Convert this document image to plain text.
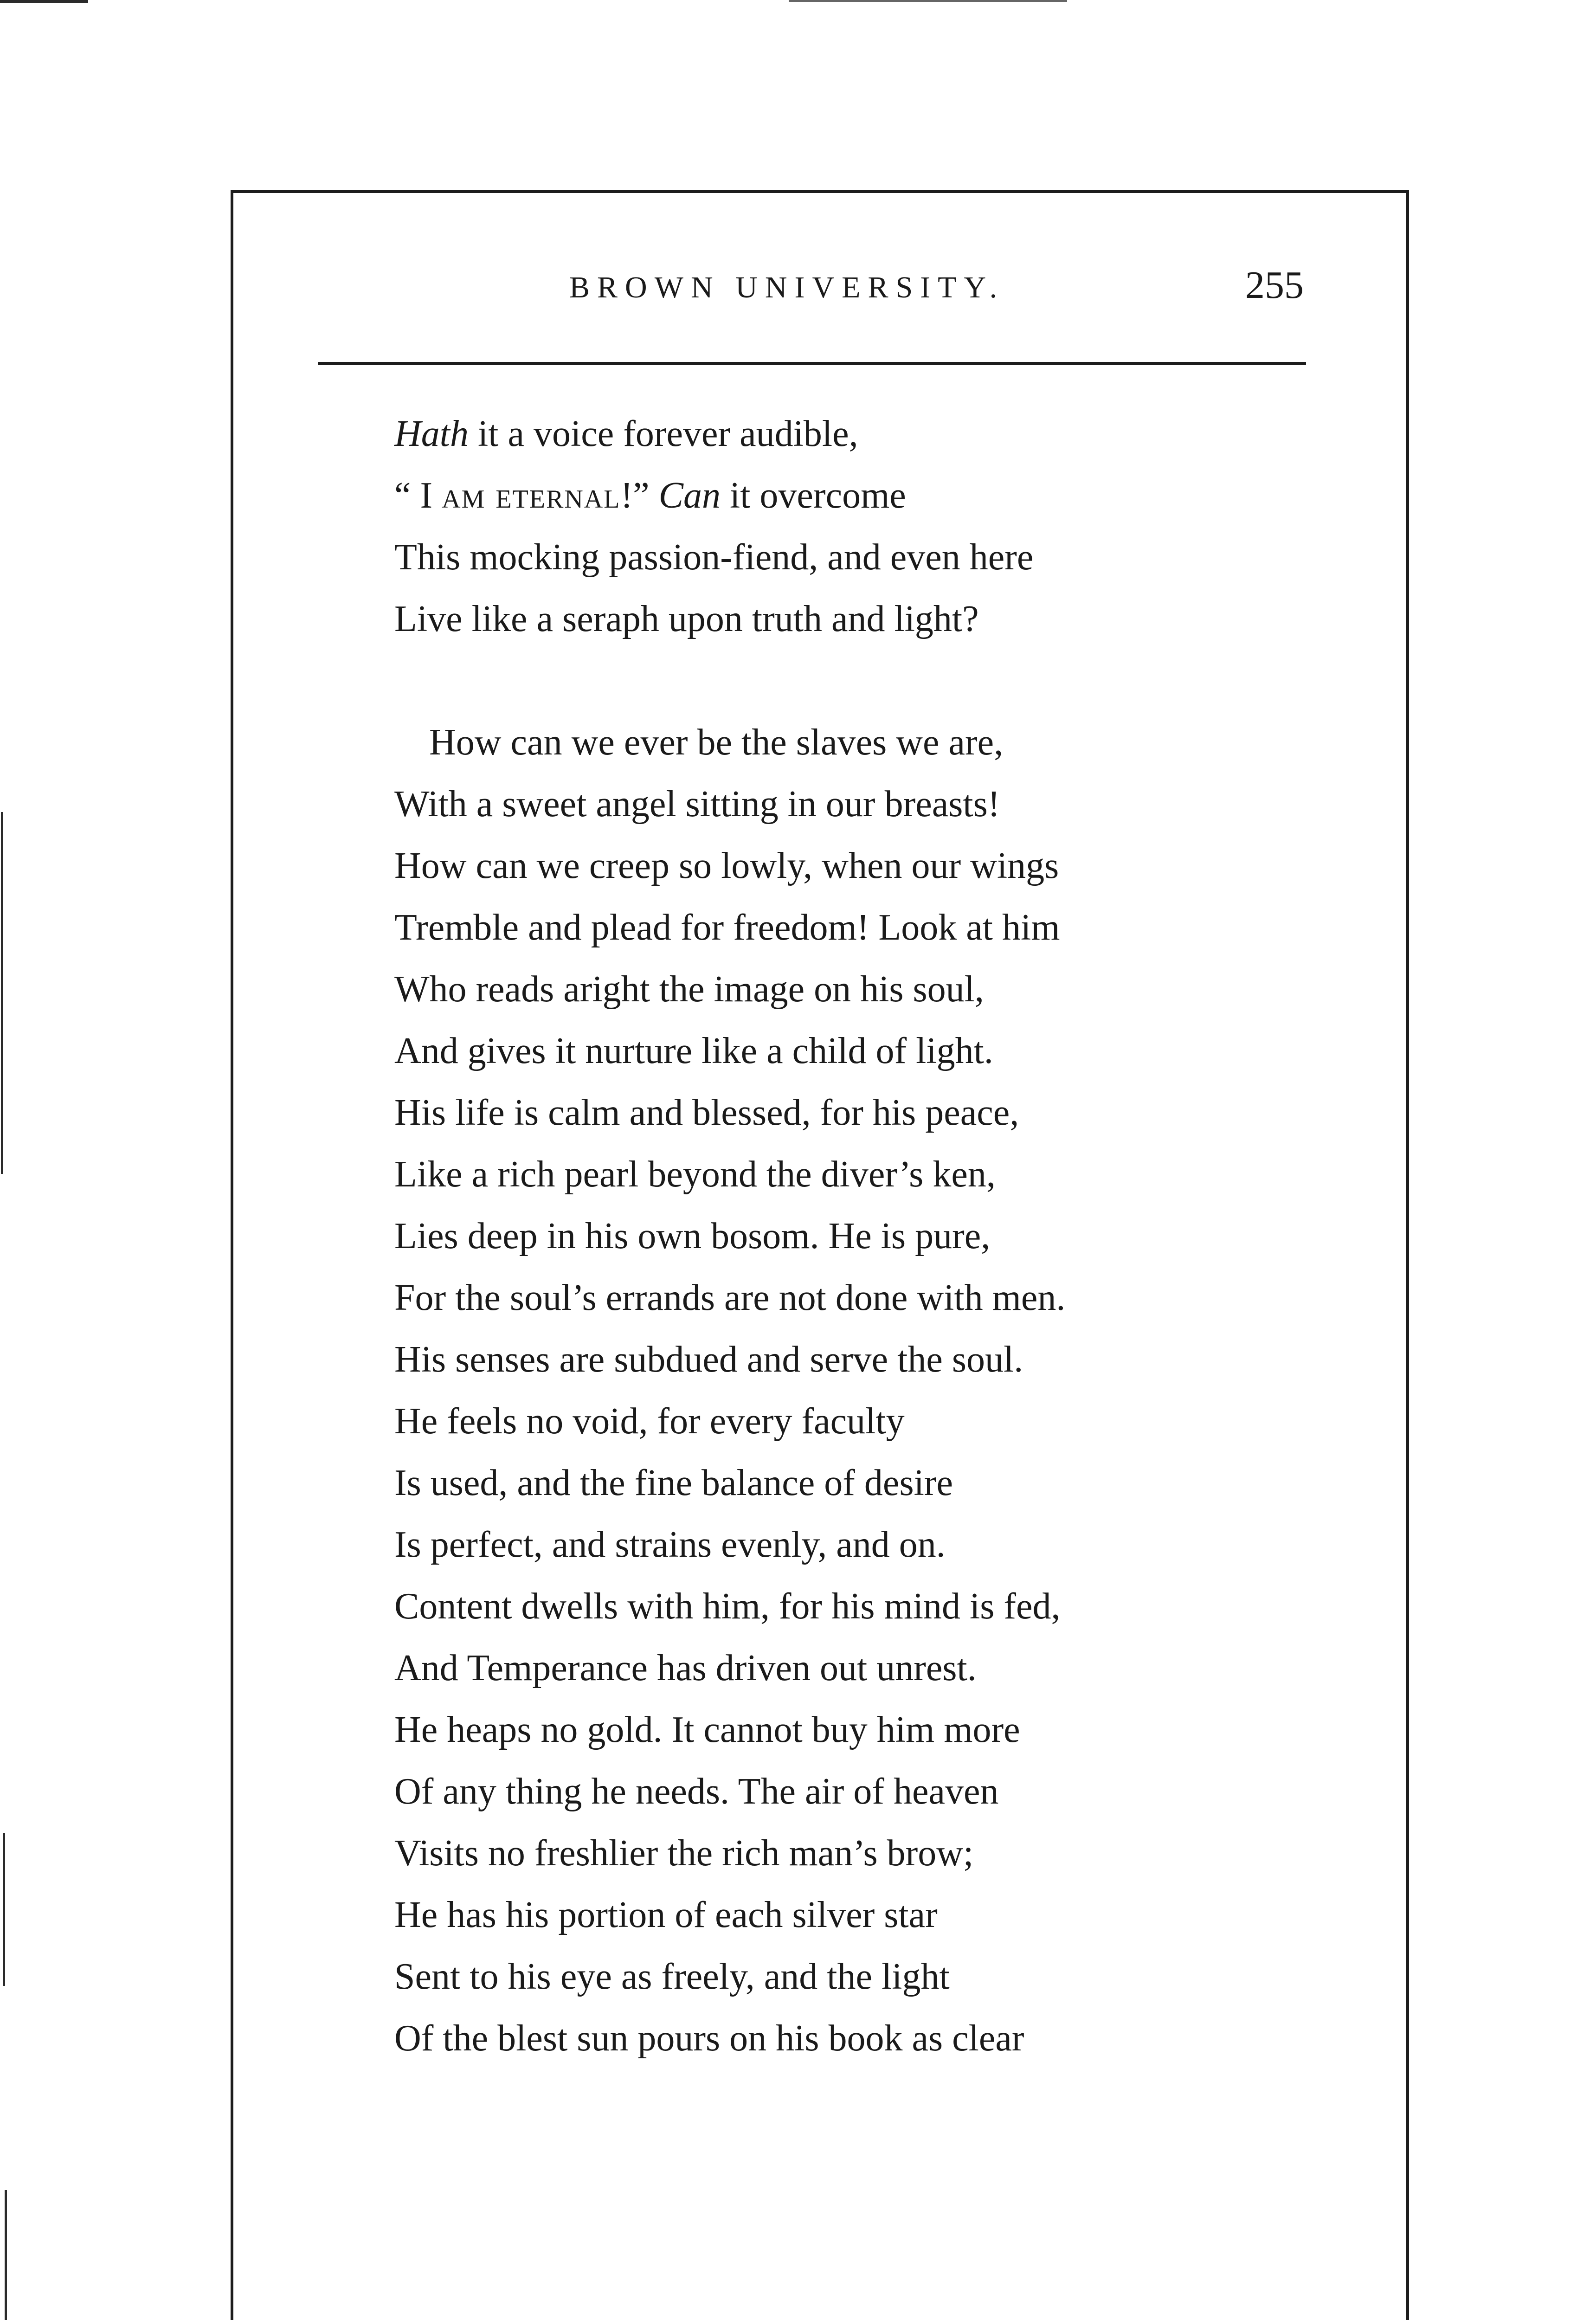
BROWN UNIVERSITY.	255
Hath it a voice forever audible,
“ I am eternal!” Can it overcome
This mocking passion-fiend, and even here
Live like a seraph upon truth and light?
How can we ever be the slaves we are,
With a sweet angel sitting in our breasts!
How can we creep so lowly, when our wings
Tremble and plead for freedom! Look at him
Who reads aright the image on his soul,
And gives it nurture like a child of light.
His life is calm and blessed, for his peace,
Like a rich pearl beyond the diver’s ken,
Lies deep in his own bosom. He is pure,
For the soul’s errands are not done with men.
His senses are subdued and serve the soul.
He feels no void, for every faculty
Is used, and the fine balance of desire
Is perfect, and strains evenly, and on.
Content dwells with him, for his mind is fed,
And Temperance has driven out unrest.
He heaps no gold. It cannot buy him more
Of any thing he needs. The air of heaven
Visits no freshlier the rich man’s brow;
He has his portion of each silver star
Sent to his eye as freely, and the light
Of the blest sun pours on his book as clear
